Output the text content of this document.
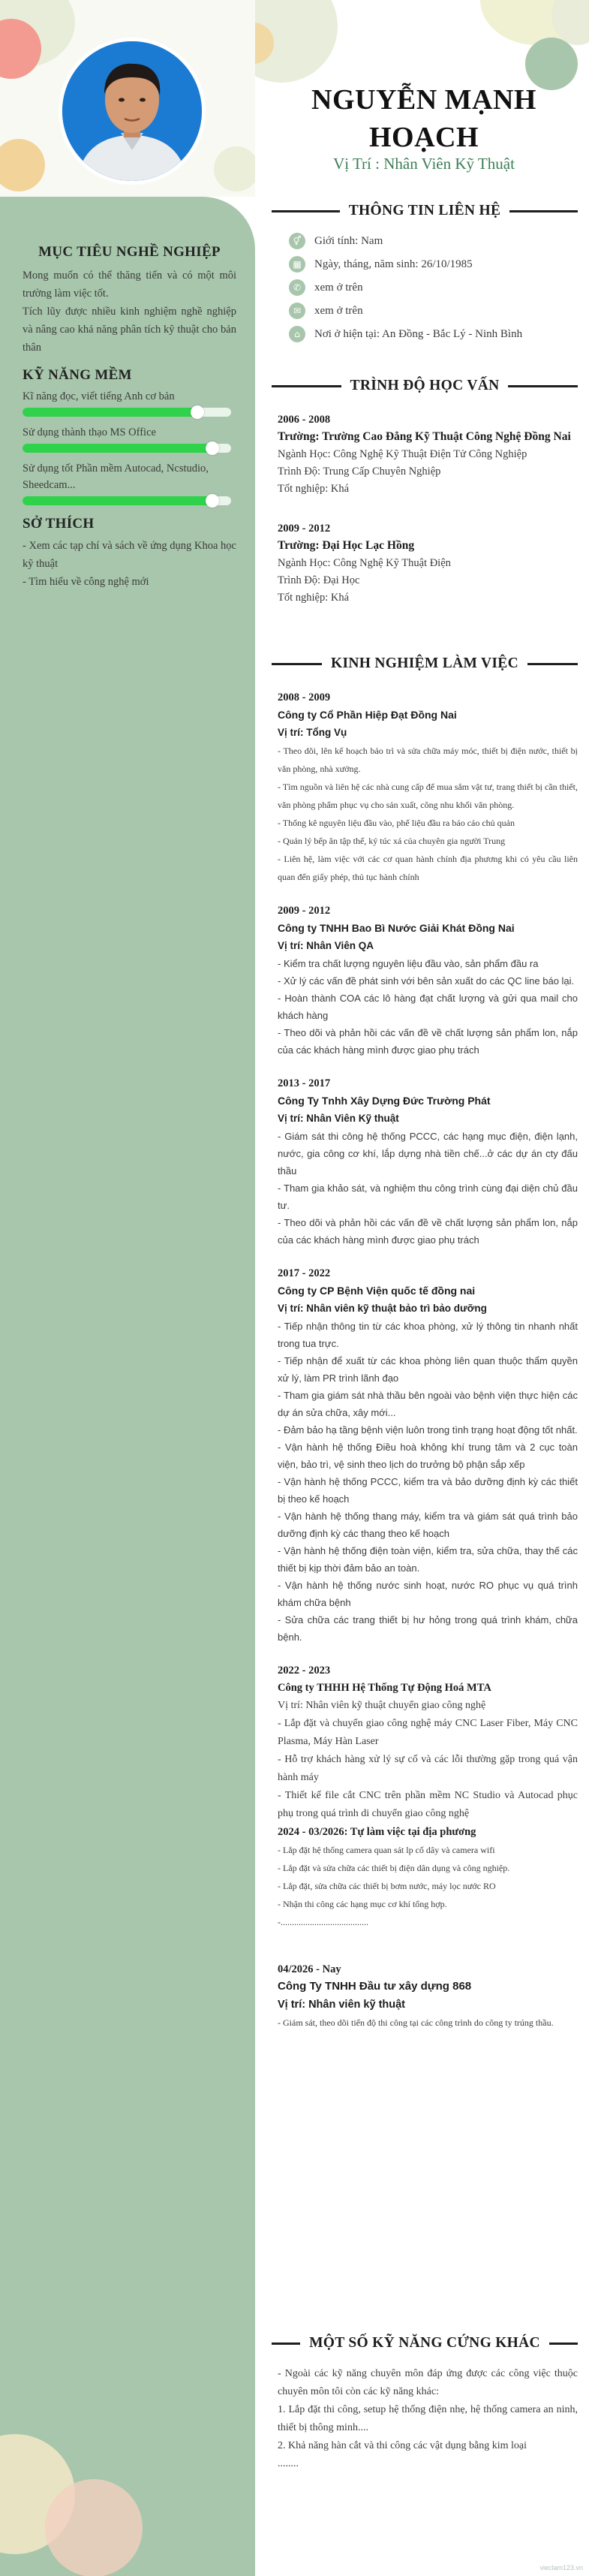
MỤC TIÊU NGHỀ NGHIỆP
Mong muốn có thể thăng tiến và có một môi trường làm việc tốt.
Tích lũy được nhiều kinh nghiệm nghề nghiệp và nâng cao khả năng phân tích kỹ thuật cho bản thân
KỸ NĂNG MỀM
Kĩ năng đọc, viết tiếng Anh cơ bản
Sử dụng thành thạo MS Office
Sử dụng tốt Phần mềm Autocad, Ncstudio, Sheedcam...
SỞ THÍCH
- Xem các tạp chí và sách về ứng dụng Khoa học kỹ thuật
- Tìm hiểu về công nghệ mới
NGUYỄN MẠNH HOẠCH
Vị Trí : Nhân Viên Kỹ Thuật
THÔNG TIN LIÊN HỆ
⚥	Giới tính: Nam
▦	Ngày, tháng, năm sinh: 26/10/1985
✆	xem ở trên
✉	xem ở trên
⌂	Nơi ở hiện tại: An Đồng - Bắc Lý - Ninh Bình
TRÌNH ĐỘ HỌC VẤN
2006 - 2008
Trường: Trường Cao Đẳng Kỹ Thuật Công Nghệ Đồng Nai
Ngành Học: Công Nghệ Kỹ Thuật Điện Tử Công Nghiệp
Trình Độ: Trung Cấp Chuyên Nghiệp
Tốt nghiệp: Khá
2009 - 2012
Trường: Đại Học Lạc Hồng
Ngành Học: Công Nghệ Kỹ Thuật Điện
Trình Độ: Đại Học
Tốt nghiệp: Khá
KINH NGHIỆM LÀM VIỆC
2008 - 2009
Công ty Cổ Phần Hiệp Đạt Đồng Nai
Vị trí: Tổng Vụ
- Theo dõi, lên kế hoạch bảo trì và sửa chữa máy móc, thiết bị điện nước, thiết bị văn phòng, nhà xưởng.
- Tìm nguồn và liên hệ các nhà cung cấp để mua sắm vật tư, trang thiết bị cần thiết, văn phòng phẩm phục vụ cho sản xuất, công nhu khối văn phòng.
- Thống kê nguyên liệu đầu vào, phế liệu đầu ra báo cáo chủ quản
- Quản lý bếp ăn tập thể, ký túc xá của chuyên gia người Trung
- Liên hệ, làm việc với các cơ quan hành chính địa phương khi có yêu cầu liên quan đến giấy phép, thủ tục hành chính
2009 - 2012
Công ty TNHH Bao Bì Nước Giải Khát Đồng Nai
Vị trí: Nhân Viên QA
- Kiểm tra chất lượng nguyên liệu đầu vào, sản phẩm đầu ra
- Xử lý các vấn đề phát sinh với bên sản xuất do các QC line báo lại.
- Hoàn thành COA các lô hàng đạt chất lượng và gửi qua mail cho khách hàng
- Theo dõi và phản hồi các vấn đề về chất lượng sản phẩm lon, nắp của các khách hàng mình được giao phụ trách
2013 - 2017
Công Ty Tnhh Xây Dựng Đức Trường Phát
Vị trí: Nhân Viên Kỹ thuật
- Giám sát thi công hệ thống PCCC, các hạng mục điện, điện lạnh, nước, gia công cơ khí, lắp dựng nhà tiền chế...ở các dự án cty đấu thầu
- Tham gia khảo sát, và nghiệm thu công trình cùng đại diện chủ đầu tư.
- Theo dõi và phản hồi các vấn đề về chất lượng sản phẩm lon, nắp của các khách hàng mình được giao phụ trách
2017 - 2022
Công ty CP Bệnh Viện quốc tế đồng nai
Vị trí: Nhân viên kỹ thuật bảo trì bảo dưỡng
- Tiếp nhận thông tin từ các khoa phòng, xử lý thông tin nhanh nhất trong tua trực.
- Tiếp nhận để xuất từ các khoa phòng liên quan thuộc thẩm quyền xử lý, làm PR trình lãnh đạo
- Tham gia giám sát nhà thầu bên ngoài vào bệnh viện thực hiện các dự án sửa chữa, xây mới...
- Đảm bảo hạ tầng bệnh viện luôn trong tình trạng hoạt động tốt nhất.
- Vận hành hệ thống Điều hoà không khí trung tâm và 2 cục toàn viện, bảo trì, vệ sinh theo lịch do trưởng bộ phận sắp xếp
- Vận hành hệ thống PCCC, kiểm tra và bảo dưỡng định kỳ các thiết bị theo kế hoạch
- Vận hành hệ thống thang máy, kiểm tra và giám sát quá trình bảo dưỡng định kỳ các thang theo kế hoạch
- Vận hành hệ thống điện toàn viện, kiểm tra, sửa chữa, thay thế các thiết bị kịp thời đảm bảo an toàn.
- Vận hành hệ thống nước sinh hoạt, nước RO phục vụ quá trình khám chữa bệnh
- Sửa chữa các trang thiết bị hư hỏng trong quá trình khám, chữa bệnh.
2022 - 2023
Công ty THHH Hệ Thống Tự Động Hoá MTA
Vị trí: Nhân viên kỹ thuật chuyển giao công nghệ
- Lắp đặt và chuyển giao công nghệ máy CNC Laser Fiber, Máy CNC Plasma, Máy Hàn Laser
- Hỗ trợ khách hàng xử lý sự cố và các lỗi thường gặp trong quá vận hành máy
- Thiết kế file cắt CNC trên phần mềm NC Studio và Autocad phục phụ trong quá trình di chuyển giao công nghệ
2024 - 03/2026: Tự làm việc tại địa phương
- Lắp đặt hệ thống camera quan sát lp cố dây và camera wifi
- Lắp đặt và sửa chữa các thiết bị điện dân dụng và công nghiệp.
- Lắp đặt, sửa chữa các thiết bị bơm nước, máy lọc nước RO
- Nhận thi công các hạng mục cơ khí tổng hợp.
-.......................................
04/2026 - Nay
Công Ty TNHH Đầu tư xây dựng 868
Vị trí: Nhân viên kỹ thuật
- Giám sát, theo dõi tiến độ thi công tại các công trình do công ty trúng thầu.
MỘT SỐ KỸ NĂNG CỨNG KHÁC
- Ngoài các kỹ năng chuyên môn đáp ứng được các công việc thuộc chuyên môn tôi còn các kỹ năng khác:
1. Lắp đặt thi công, setup hệ thống điện nhẹ, hệ thống camera an ninh, thiết bị thông minh....
2. Khả năng hàn cắt và thi công các vật dụng bằng kim loại
........
vieclam123.vn
